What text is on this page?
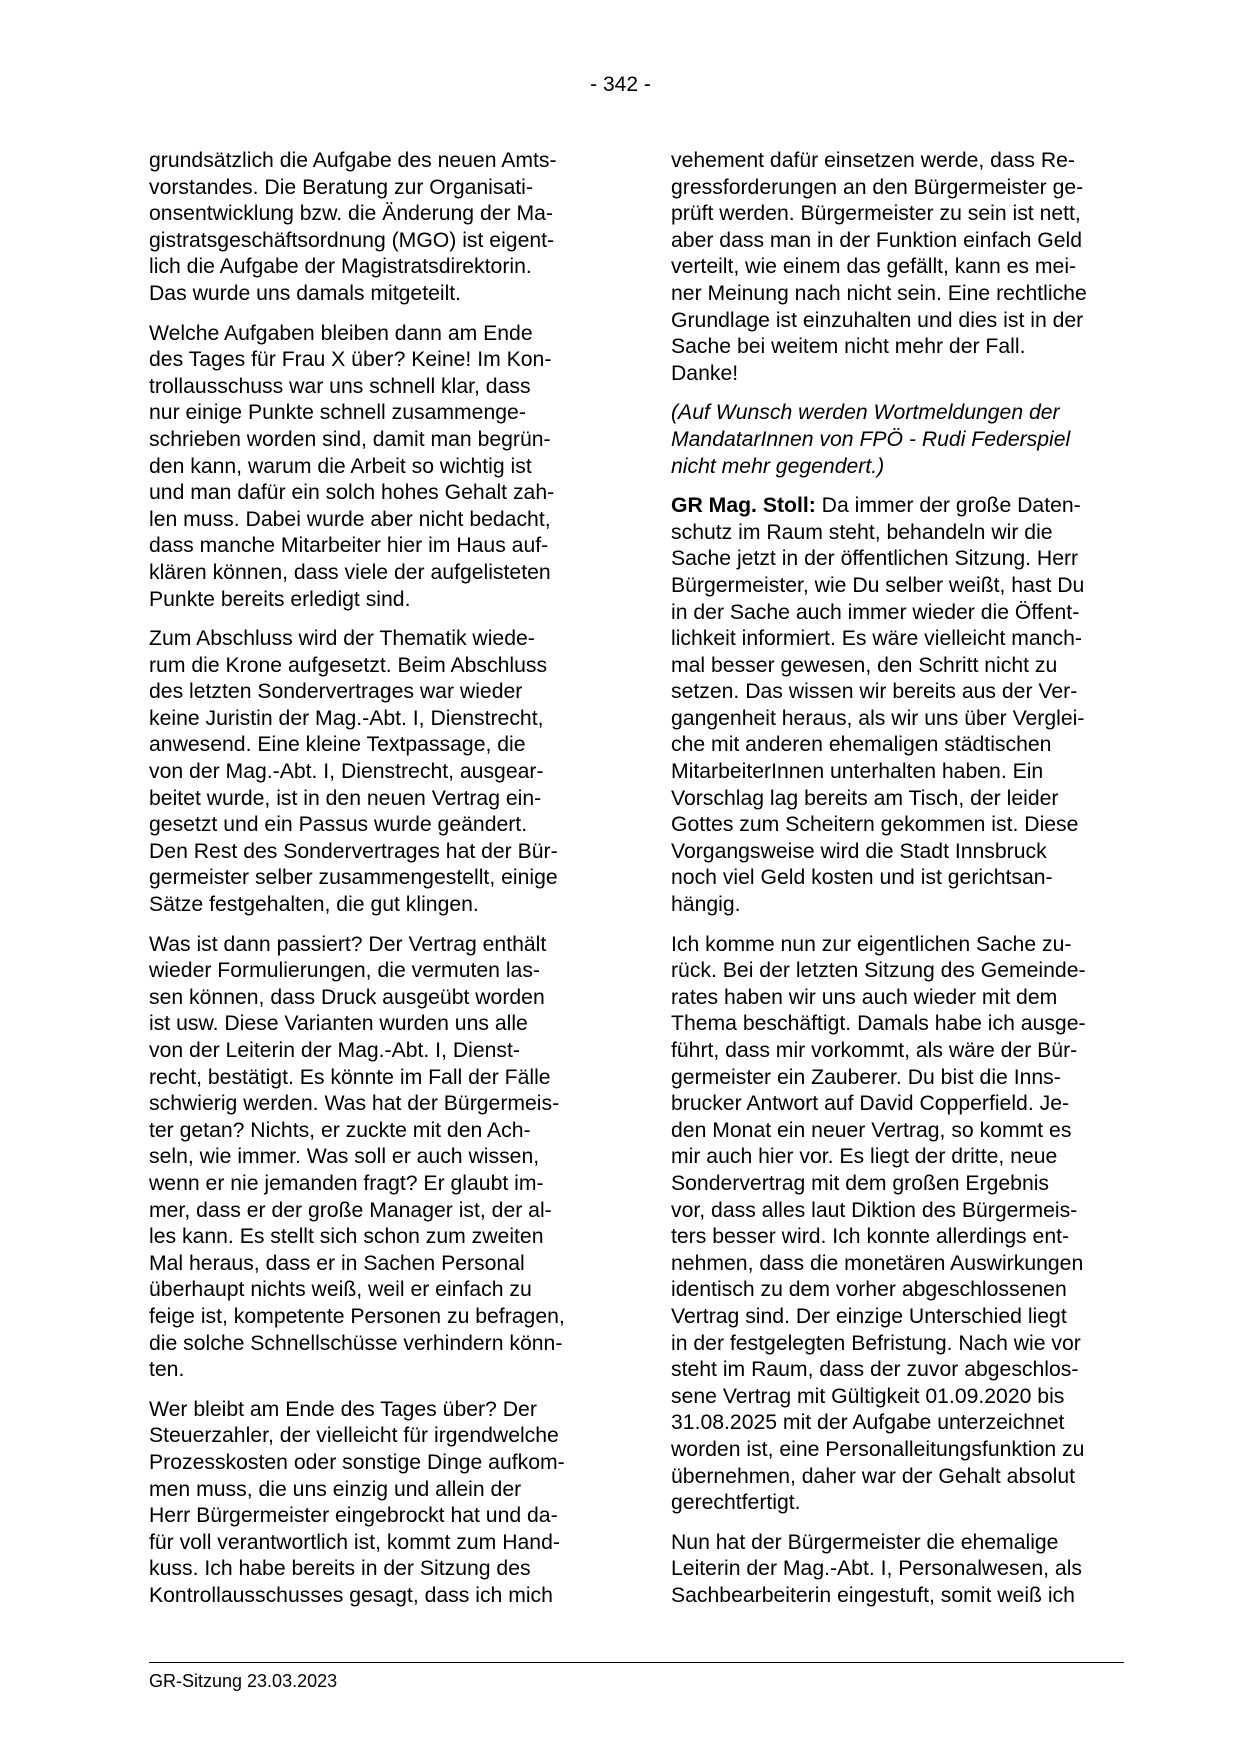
- 342 -

grundsätzlich die Aufgabe des neuen Amts-
vorstandes. Die Beratung zur Organisati-
onsentwicklung bzw. die Änderung der Ma-
gistratsgeschäftsordnung (MGO) ist eigent-
lich die Aufgabe der Magistratsdirektorin.
Das wurde uns damals mitgeteilt.

Welche Aufgaben bleiben dann am Ende
des Tages für Frau X über? Keine! Im Kon-
trollausschuss war uns schnell klar, dass
nur einige Punkte schnell zusammenge-
schrieben worden sind, damit man begrün-
den kann, warum die Arbeit so wichtig ist
und man dafür ein solch hohes Gehalt zah-
len muss. Dabei wurde aber nicht bedacht,
dass manche Mitarbeiter hier im Haus auf-
klären können, dass viele der aufgelisteten
Punkte bereits erledigt sind.

Zum Abschluss wird der Thematik wiede-
rum die Krone aufgesetzt. Beim Abschluss
des letzten Sondervertrages war wieder
keine Juristin der Mag.-Abt. I, Dienstrecht,
anwesend. Eine kleine Textpassage, die
von der Mag.-Abt. I, Dienstrecht, ausgear-
beitet wurde, ist in den neuen Vertrag ein-
gesetzt und ein Passus wurde geändert.
Den Rest des Sondervertrages hat der Bür-
germeister selber zusammengestellt, einige
Sätze festgehalten, die gut klingen.

Was ist dann passiert? Der Vertrag enthält
wieder Formulierungen, die vermuten las-
sen können, dass Druck ausgeübt worden
ist usw. Diese Varianten wurden uns alle
von der Leiterin der Mag.-Abt. I, Dienst-
recht, bestätigt. Es könnte im Fall der Fälle
schwierig werden. Was hat der Bürgermeis-
ter getan? Nichts, er zuckte mit den Ach-
seln, wie immer. Was soll er auch wissen,
wenn er nie jemanden fragt? Er glaubt im-
mer, dass er der große Manager ist, der al-
les kann. Es stellt sich schon zum zweiten
Mal heraus, dass er in Sachen Personal
überhaupt nichts weiß, weil er einfach zu
feige ist, kompetente Personen zu befragen,
die solche Schnellschüsse verhindern könn-
ten.

Wer bleibt am Ende des Tages über? Der
Steuerzahler, der vielleicht für irgendwelche
Prozesskosten oder sonstige Dinge aufkom-
men muss, die uns einzig und allein der
Herr Bürgermeister eingebrockt hat und da-
für voll verantwortlich ist, kommt zum Hand-
kuss. Ich habe bereits in der Sitzung des
Kontrollausschusses gesagt, dass ich mich

vehement dafür einsetzen werde, dass Re-
gressforderungen an den Bürgermeister ge-
prüft werden. Bürgermeister zu sein ist nett,
aber dass man in der Funktion einfach Geld
verteilt, wie einem das gefällt, kann es mei-
ner Meinung nach nicht sein. Eine rechtliche
Grundlage ist einzuhalten und dies ist in der
Sache bei weitem nicht mehr der Fall.
Danke!

(Auf Wunsch werden Wortmeldungen der
MandatarInnen von FPÖ - Rudi Federspiel
nicht mehr gegendert.)

GR Mag. Stoll: Da immer der große Daten-
schutz im Raum steht, behandeln wir die
Sache jetzt in der öffentlichen Sitzung. Herr
Bürgermeister, wie Du selber weißt, hast Du
in der Sache auch immer wieder die Öffent-
lichkeit informiert. Es wäre vielleicht manch-
mal besser gewesen, den Schritt nicht zu
setzen. Das wissen wir bereits aus der Ver-
gangenheit heraus, als wir uns über Verglei-
che mit anderen ehemaligen städtischen
MitarbeiterInnen unterhalten haben. Ein
Vorschlag lag bereits am Tisch, der leider
Gottes zum Scheitern gekommen ist. Diese
Vorgangsweise wird die Stadt Innsbruck
noch viel Geld kosten und ist gerichtsan-
hängig.

Ich komme nun zur eigentlichen Sache zu-
rück. Bei der letzten Sitzung des Gemeinde-
rates haben wir uns auch wieder mit dem
Thema beschäftigt. Damals habe ich ausge-
führt, dass mir vorkommt, als wäre der Bür-
germeister ein Zauberer. Du bist die Inns-
brucker Antwort auf David Copperfield. Je-
den Monat ein neuer Vertrag, so kommt es
mir auch hier vor. Es liegt der dritte, neue
Sondervertrag mit dem großen Ergebnis
vor, dass alles laut Diktion des Bürgermeis-
ters besser wird. Ich konnte allerdings ent-
nehmen, dass die monetären Auswirkungen
identisch zu dem vorher abgeschlossenen
Vertrag sind. Der einzige Unterschied liegt
in der festgelegten Befristung. Nach wie vor
steht im Raum, dass der zuvor abgeschlos-
sene Vertrag mit Gültigkeit 01.09.2020 bis
31.08.2025 mit der Aufgabe unterzeichnet
worden ist, eine Personalleitungsfunktion zu
übernehmen, daher war der Gehalt absolut
gerechtfertigt.

Nun hat der Bürgermeister die ehemalige
Leiterin der Mag.-Abt. I, Personalwesen, als
Sachbearbeiterin eingestuft, somit weiß ich

GR-Sitzung 23.03.2023
